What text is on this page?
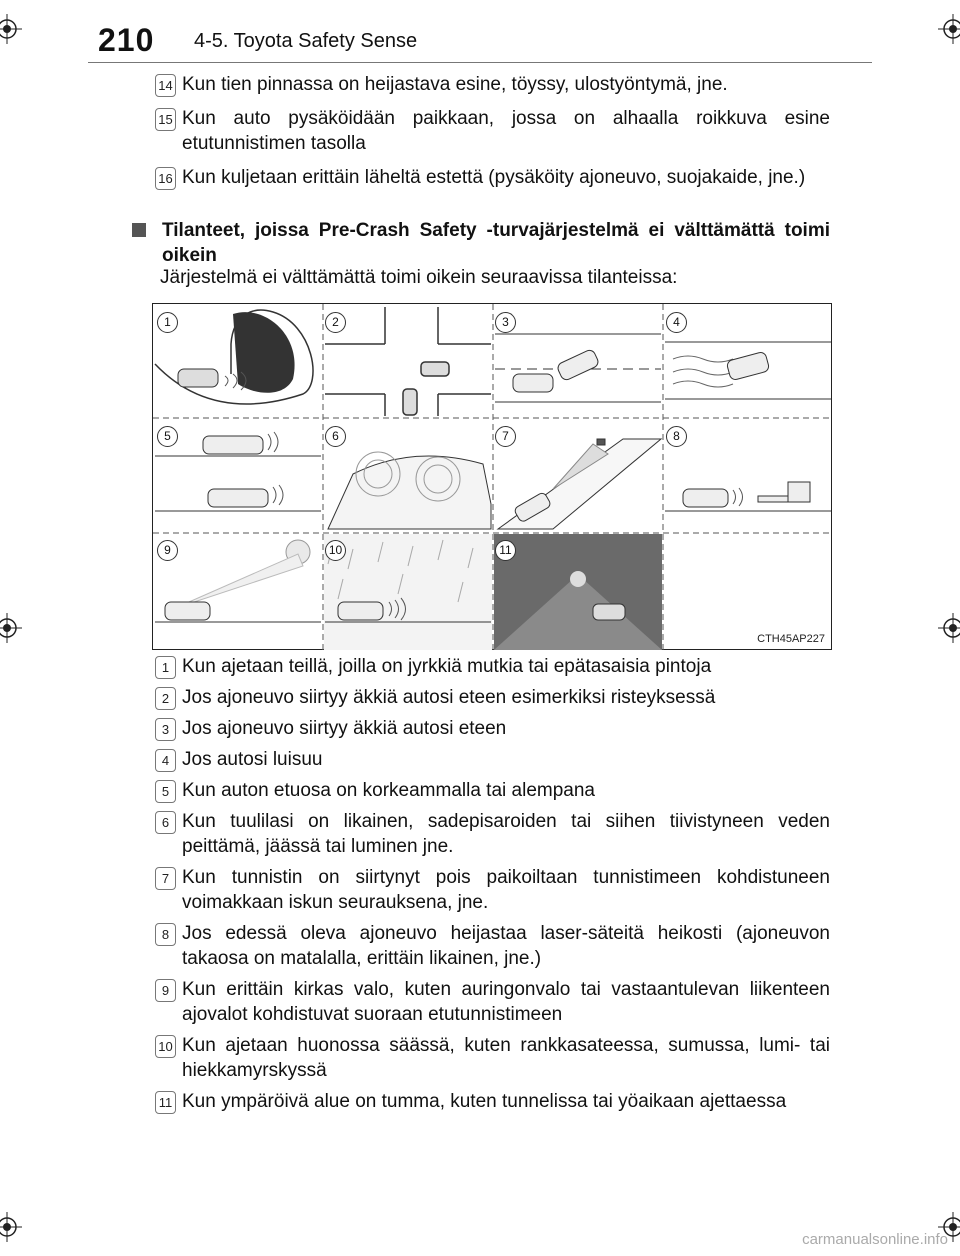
210 4-5. Toyota Safety Sense
14 Kun tien pinnassa on heijastava esine, töyssy, ulostyöntymä, jne.
15 Kun auto pysäköidään paikkaan, jossa on alhaalla roikkuva esine etutunnistimen tasolla
16 Kun kuljetaan erittäin läheltä estettä (pysäköity ajoneuvo, suojakaide, jne.)
Tilanteet, joissa Pre-Crash Safety -turvajärjestelmä ei välttämättä toimi oikein
Järjestelmä ei välttämättä toimi oikein seuraavissa tilanteissa:
1	2	3	4
5	6	7	8
9	10	11
CTH45AP227
1 Kun ajetaan teillä, joilla on jyrkkiä mutkia tai epätasaisia pintoja
2 Jos ajoneuvo siirtyy äkkiä autosi eteen esimerkiksi risteyksessä
3 Jos ajoneuvo siirtyy äkkiä autosi eteen
4 Jos autosi luisuu
5 Kun auton etuosa on korkeammalla tai alempana
6 Kun tuulilasi on likainen, sadepisaroiden tai siihen tiivistyneen veden peittämä, jäässä tai luminen jne.
7 Kun tunnistin on siirtynyt pois paikoiltaan tunnistimeen kohdistuneen voimakkaan iskun seurauksena, jne.
8 Jos edessä oleva ajoneuvo heijastaa laser-säteitä heikosti (ajoneuvon takaosa on matalalla, erittäin likainen, jne.)
9 Kun erittäin kirkas valo, kuten auringonvalo tai vastaantulevan liikenteen ajovalot kohdistuvat suoraan etutunnistimeen
10 Kun ajetaan huonossa säässä, kuten rankkasateessa, sumussa, lumi- tai hiekkamyrskyssä
11 Kun ympäröivä alue on tumma, kuten tunnelissa tai yöaikaan ajettaessa
carmanualsonline.info
